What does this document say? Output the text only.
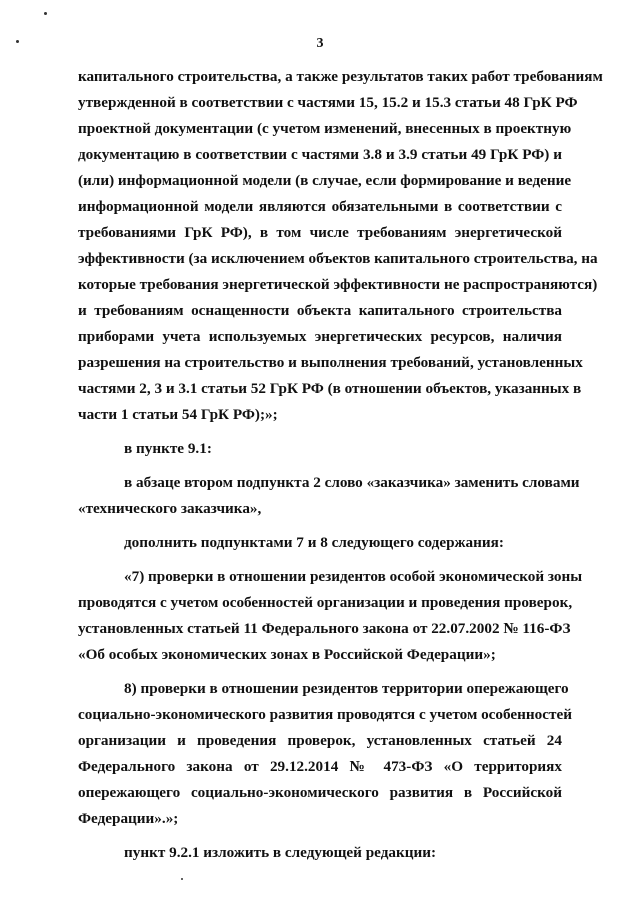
3
капитального строительства, а также результатов таких работ требованиям
утвержденной в соответствии с частями 15, 15.2 и 15.3 статьи 48 ГрК РФ
проектной документации (с учетом изменений, внесенных в проектную
документацию в соответствии с частями 3.8 и 3.9 статьи 49 ГрК РФ) и
(или) информационной модели (в случае, если формирование и ведение
информационной модели являются обязательными в соответствии с
требованиями ГрК РФ), в том числе требованиям энергетической
эффективности (за исключением объектов капитального строительства, на
которые требования энергетической эффективности не распространяются)
и требованиям оснащенности объекта капитального строительства
приборами учета используемых энергетических ресурсов, наличия
разрешения на строительство и выполнения требований, установленных
частями 2, 3 и 3.1 статьи 52 ГрК РФ (в отношении объектов, указанных в
части 1 статьи 54 ГрК РФ);»;
в пункте 9.1:
в абзаце втором подпункта 2 слово «заказчика» заменить словами
«технического заказчика»,
дополнить подпунктами 7 и 8 следующего содержания:
«7) проверки в отношении резидентов особой экономической зоны
проводятся с учетом особенностей организации и проведения проверок,
установленных статьей 11 Федерального закона от 22.07.2002 № 116-ФЗ
«Об особых экономических зонах в Российской Федерации»;
8) проверки в отношении резидентов территории опережающего
социально-экономического развития проводятся с учетом особенностей
организации и проведения проверок, установленных статьей 24
Федерального закона от 29.12.2014 № 473-ФЗ «О территориях
опережающего социально-экономического развития в Российской
Федерации».»;
пункт 9.2.1 изложить в следующей редакции:
